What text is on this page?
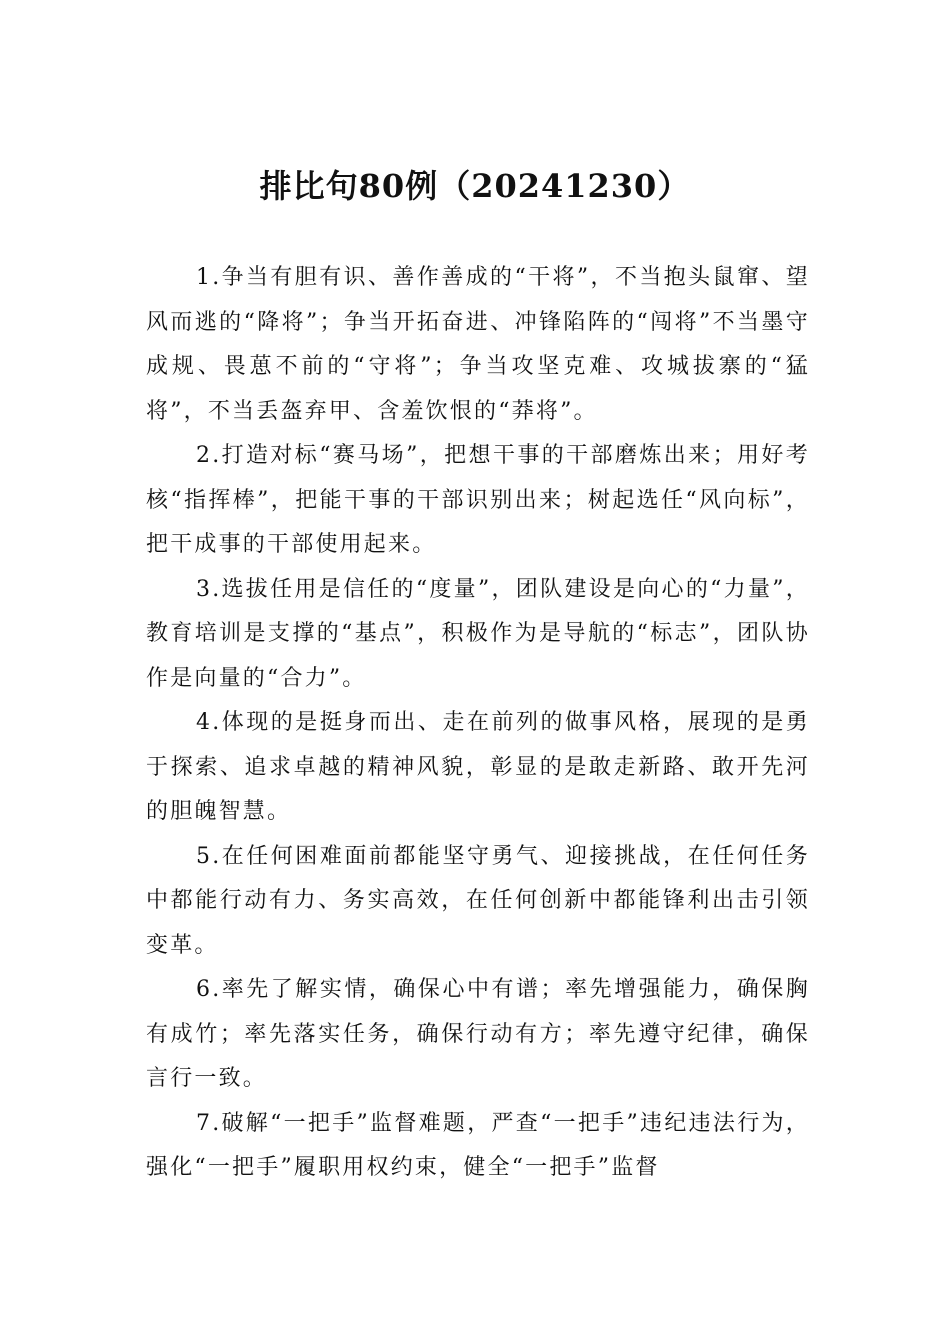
排比句80例（20241230）

1.争当有胆有识、善作善成的“干将”，不当抱头鼠窜、望风而逃的“降将”；争当开拓奋进、冲锋陷阵的“闯将”不当墨守成规、畏葸不前的“守将”；争当攻坚克难、攻城拔寨的“猛将”，不当丢盔弃甲、含羞饮恨的“莽将”。

2.打造对标“赛马场”，把想干事的干部磨炼出来；用好考核“指挥棒”，把能干事的干部识别出来；树起选任“风向标”，把干成事的干部使用起来。

3.选拔任用是信任的“度量”，团队建设是向心的“力量”，教育培训是支撑的“基点”，积极作为是导航的“标志”，团队协作是向量的“合力”。

4.体现的是挺身而出、走在前列的做事风格，展现的是勇于探索、追求卓越的精神风貌，彰显的是敢走新路、敢开先河的胆魄智慧。

5.在任何困难面前都能坚守勇气、迎接挑战，在任何任务中都能行动有力、务实高效，在任何创新中都能锋利出击引领变革。

6.率先了解实情，确保心中有谱；率先增强能力，确保胸有成竹；率先落实任务，确保行动有方；率先遵守纪律，确保言行一致。

7.破解“一把手”监督难题，严查“一把手”违纪违法行为，强化“一把手”履职用权约束，健全“一把手”监督
